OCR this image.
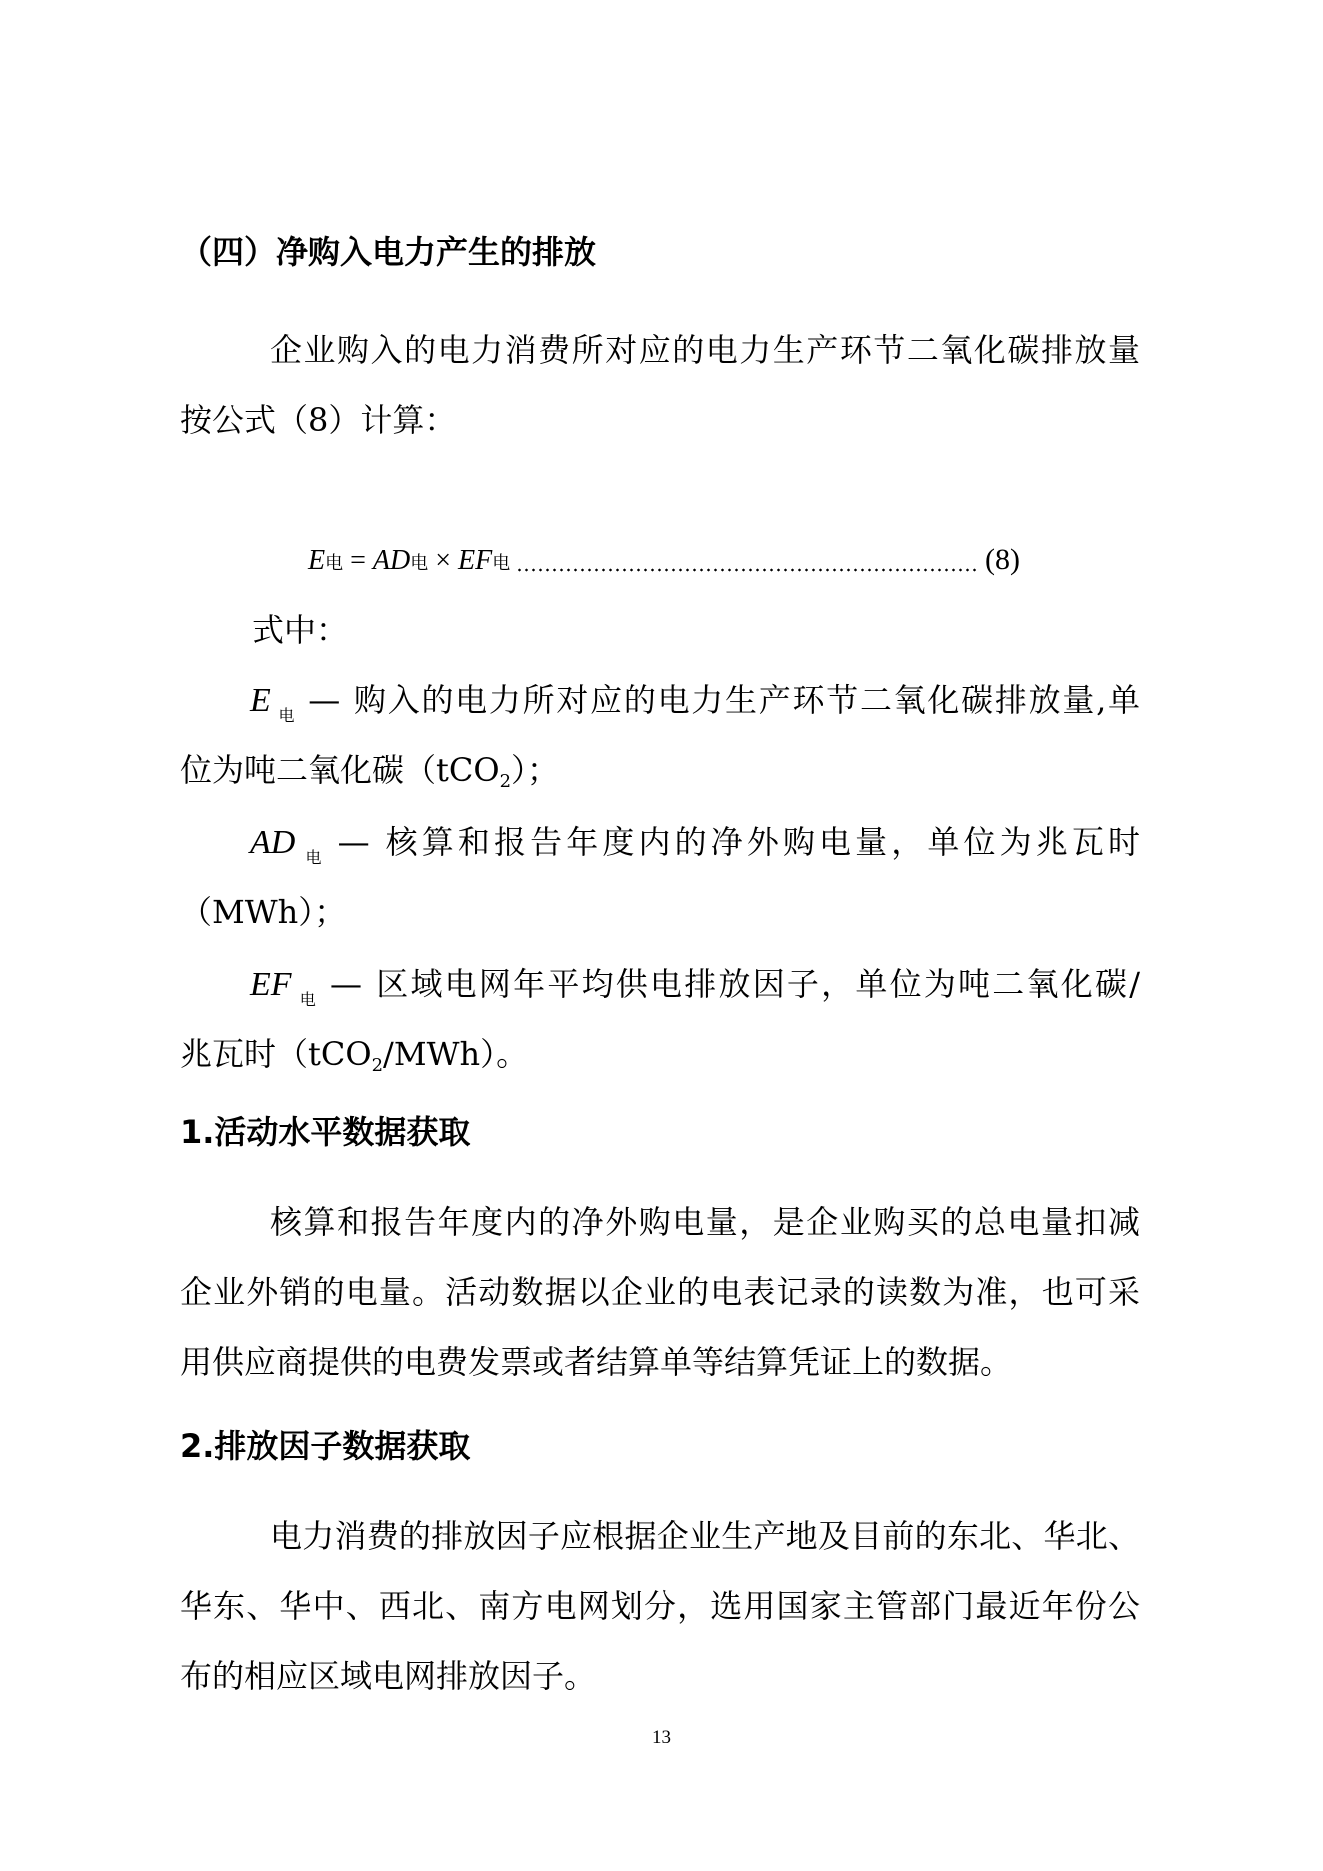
（四）净购入电力产生的排放
企业购入的电力消费所对应的电力生产环节二氧化碳排放量
按公式（8）计算：
E 电 = AD 电 × EF 电	(8)
式中：
E $_电$ — 购入的电力所对应的电力生产环节二氧化碳排放量,单
位为吨二氧化碳（tCO$_2$）；
AD $_电$ — 核算和报告年度内的净外购电量，单位为兆瓦时
（MWh）；
EF $_电$ — 区域电网年平均供电排放因子，单位为吨二氧化碳/
兆瓦时（tCO$_2$/MWh）。
1.活动水平数据获取
核算和报告年度内的净外购电量，是企业购买的总电量扣减
企业外销的电量。活动数据以企业的电表记录的读数为准，也可采
用供应商提供的电费发票或者结算单等结算凭证上的数据。
2.排放因子数据获取
电力消费的排放因子应根据企业生产地及目前的东北、华北、
华东、华中、西北、南方电网划分，选用国家主管部门最近年份公
布的相应区域电网排放因子。
13
